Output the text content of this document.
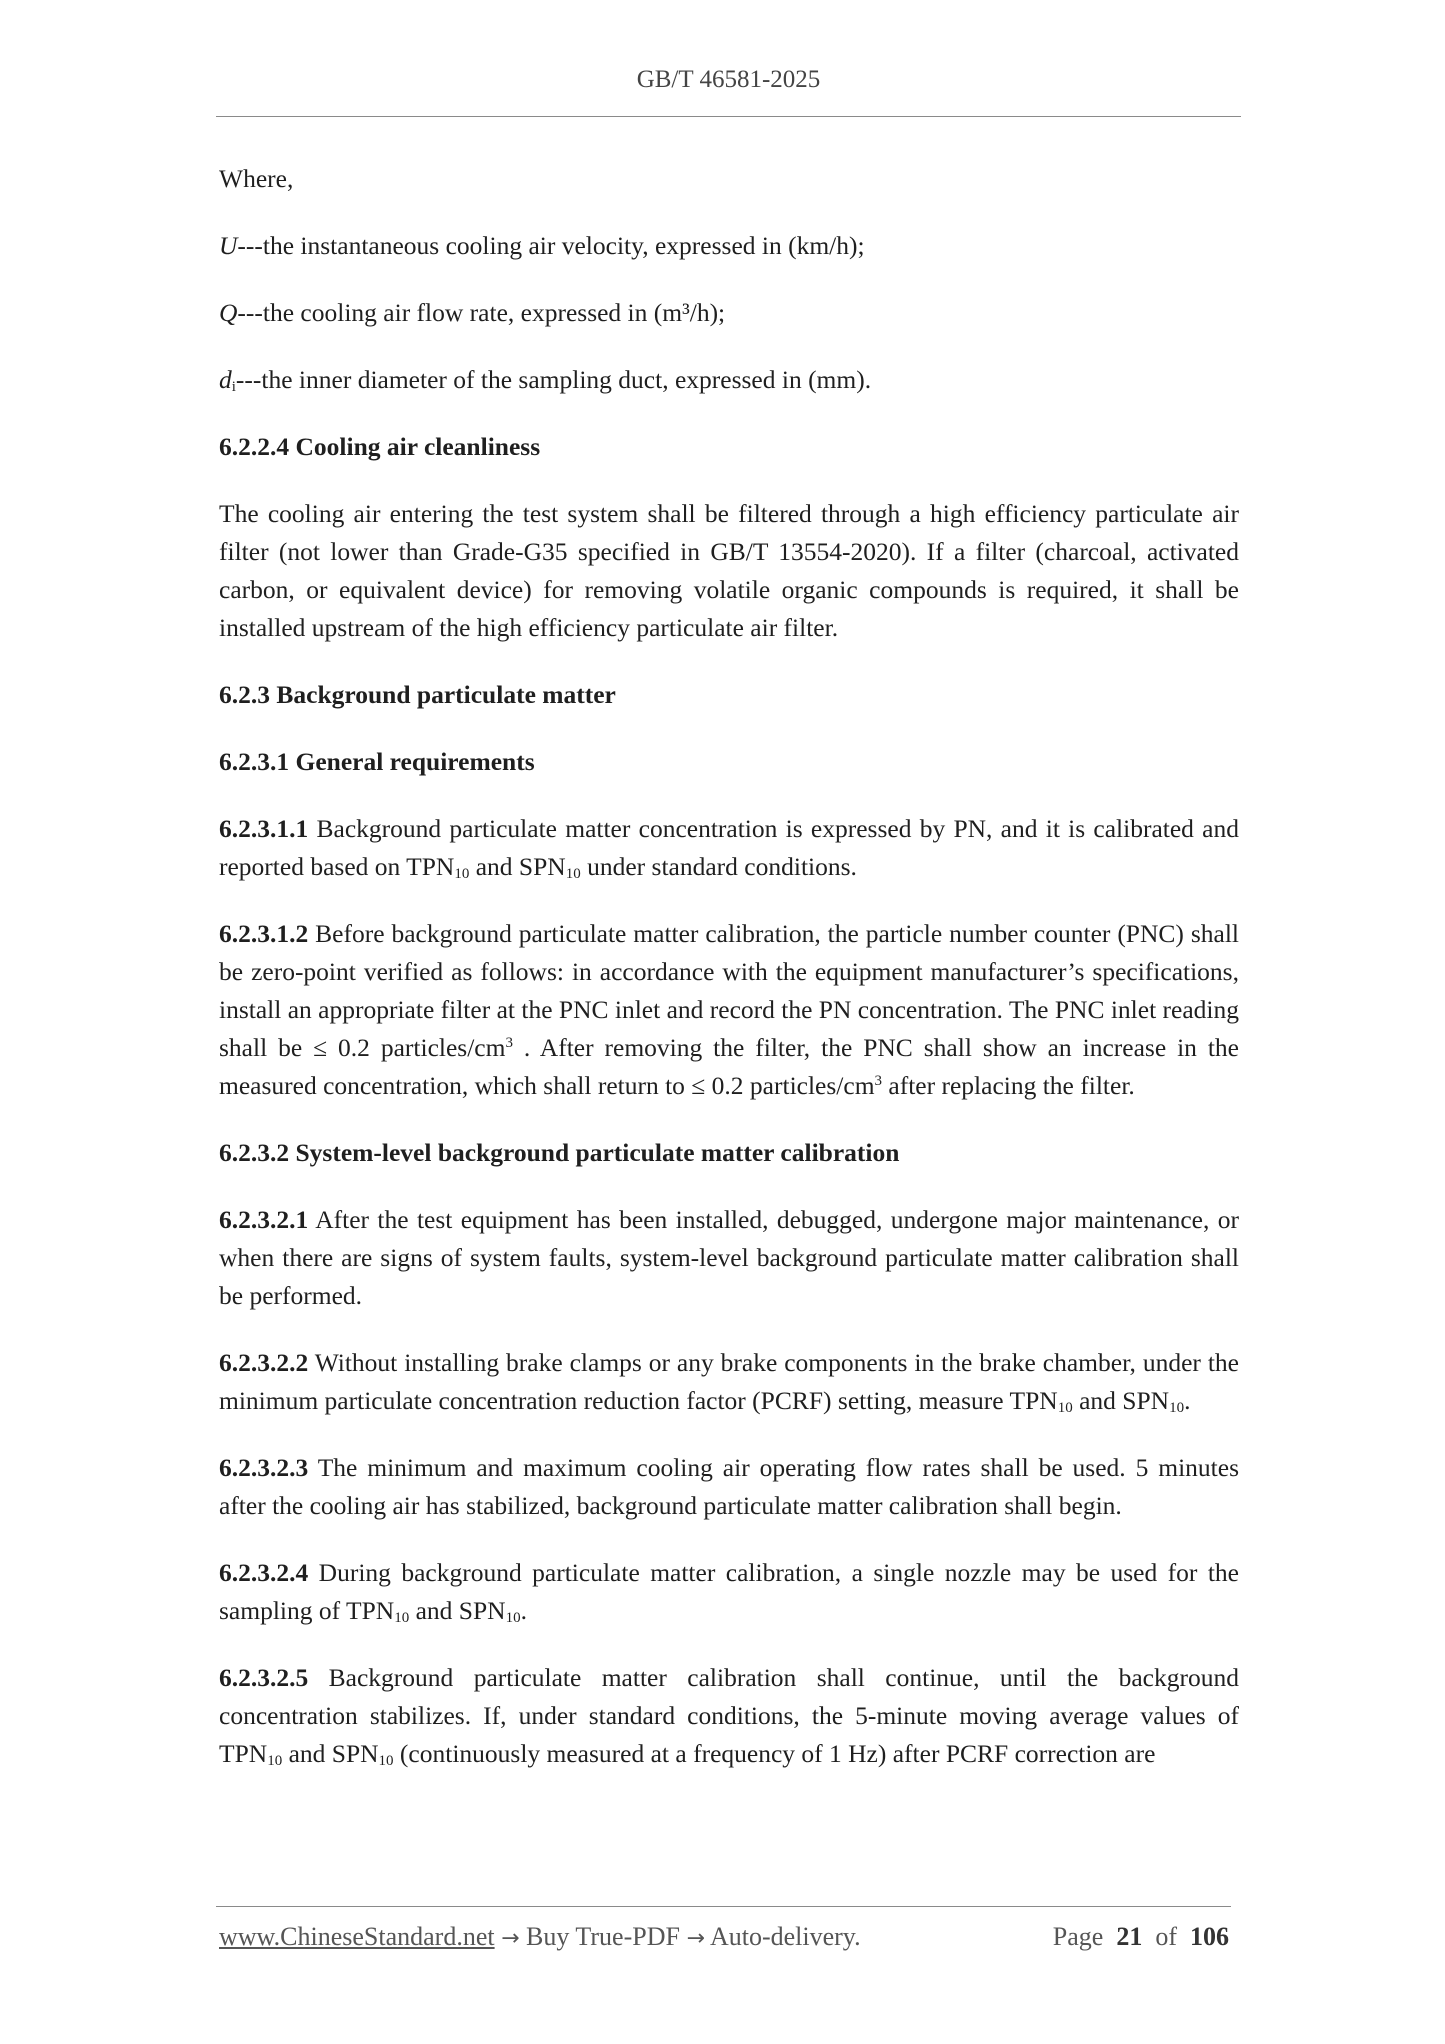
GB/T 46581-2025

Where,

U---the instantaneous cooling air velocity, expressed in (km/h);

Q---the cooling air flow rate, expressed in (m³/h);

$d_i--$-the inner diameter of the sampling duct, expressed in (mm).

6.2.2.4 Cooling air cleanliness

The cooling air entering the test system shall be filtered through a high efficiency particulate air filter (not lower than Grade-G35 specified in GB/T 13554-2020). If a filter (charcoal, activated carbon, or equivalent device) for removing volatile organic compounds is required, it shall be installed upstream of the high efficiency particulate air filter.

6.2.3 Background particulate matter

6.2.3.1 General requirements

6.2.3.1.1 Background particulate matter concentration is expressed by PN, and it is calibrated and reported based on $TPN_{10}$ and $SPN_{10}$ under standard conditions.

6.2.3.1.2 Before background particulate matter calibration, the particle number counter (PNC) shall be zero-point verified as follows: in accordance with the equipment manufacturer’s specifications, install an appropriate filter at the PNC inlet and record the PN concentration. The PNC inlet reading shall be ≤ 0.2 particles/$cm^3$ . After removing the filter, the PNC shall show an increase in the measured concentration, which shall return to ≤ 0.2 particles/$cm^3$ after replacing the filter.

6.2.3.2 System-level background particulate matter calibration

6.2.3.2.1 After the test equipment has been installed, debugged, undergone major maintenance, or when there are signs of system faults, system-level background particulate matter calibration shall be performed.

6.2.3.2.2 Without installing brake clamps or any brake components in the brake chamber, under the minimum particulate concentration reduction factor (PCRF) setting, measure $TPN_{10}$ and $SPN_{10}$.

6.2.3.2.3 The minimum and maximum cooling air operating flow rates shall be used. 5 minutes after the cooling air has stabilized, background particulate matter calibration shall begin.

6.2.3.2.4 During background particulate matter calibration, a single nozzle may be used for the sampling of $TPN_{10}$ and $SPN_{10}$.

6.2.3.2.5 Background particulate matter calibration shall continue, until the background concentration stabilizes. If, under standard conditions, the 5-minute moving average values of $TPN_{10}$ and $SPN_{10}$ (continuously measured at a frequency of 1 Hz) after PCRF correction are

www.ChineseStandard.net → Buy True-PDF → Auto-delivery.	Page 21 of 106
